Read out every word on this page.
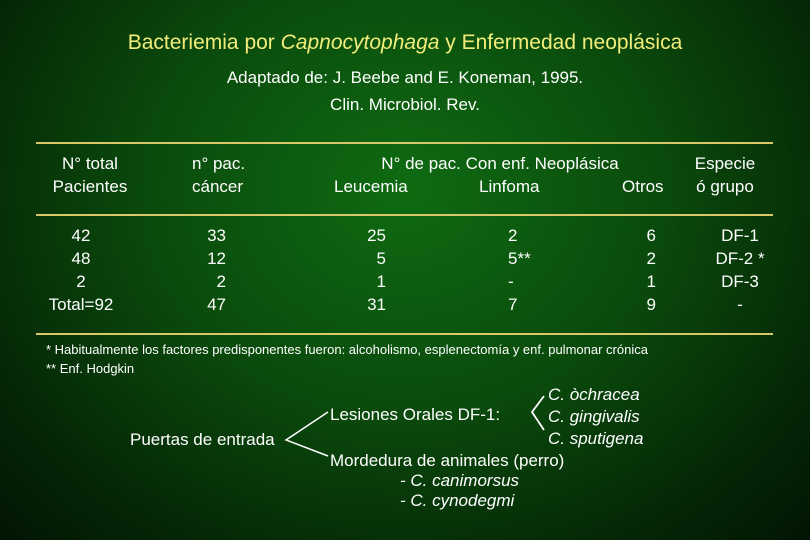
Bacteriemia por Capnocytophaga y Enfermedad neoplásica
Adaptado de: J. Beebe and E. Koneman, 1995.
Clin. Microbiol. Rev.
N° total
Pacientes
n° pac.
cáncer
N° de pac. Con enf. Neoplásica
Leucemia	Linfoma	Otros
Especie
ó grupo
42
48
2
Total=92
33
12
2
47
25
5
1
31
2
5**
-
7
6
2
1
9
DF-1
DF-2 *
DF-3
-
* Habitualmente los factores predisponentes fueron: alcoholismo, esplenectomía y enf. pulmonar crónica
** Enf. Hodgkin
Puertas de entrada
Lesiones Orales DF-1:
C. òchracea
C. gingivalis
C. sputigena
Mordedura de animales (perro)
- C. canimorsus
- C. cynodegmi
